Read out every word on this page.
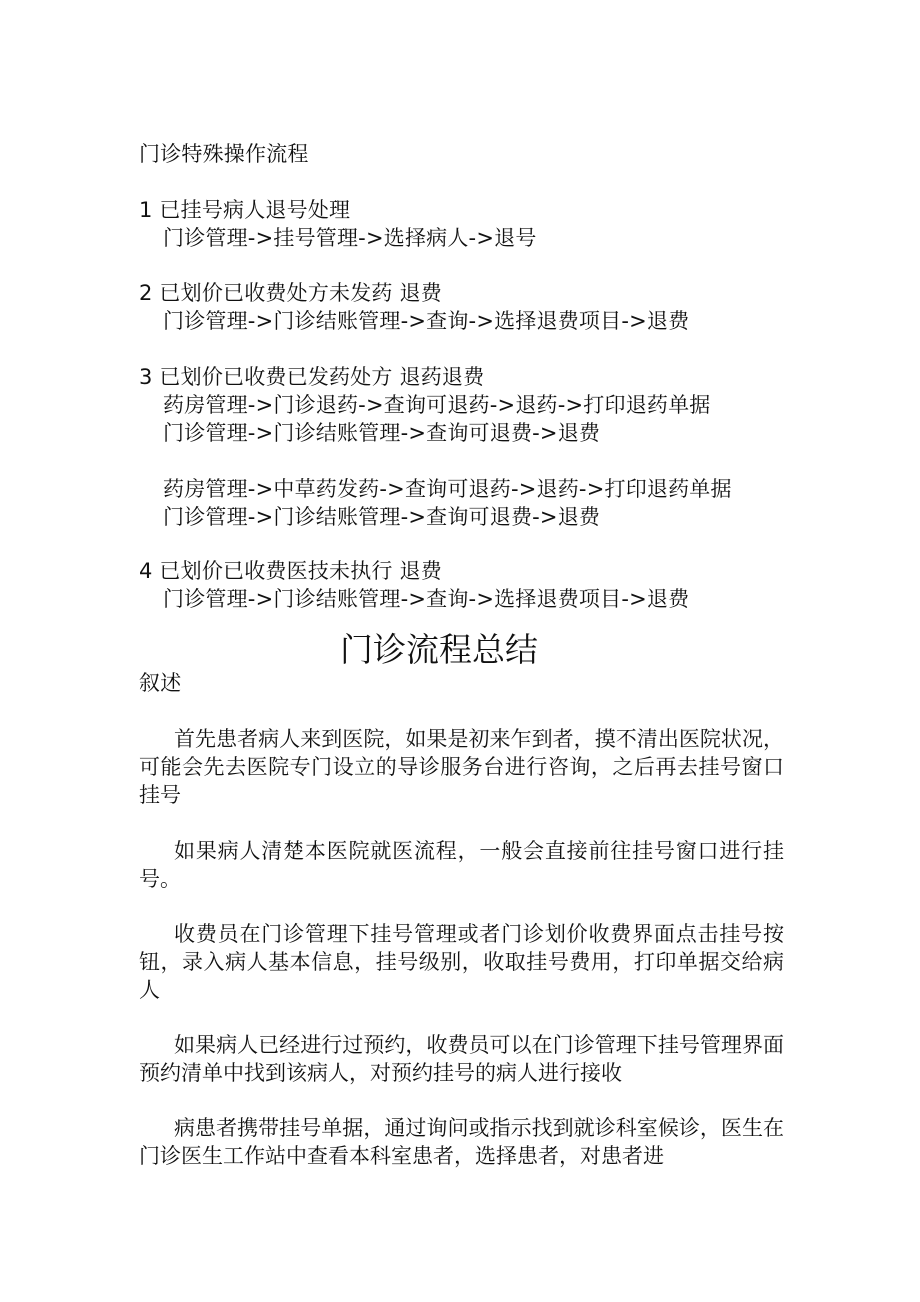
门诊特殊操作流程
1 已挂号病人退号处理
门诊管理->挂号管理->选择病人->退号
2 已划价已收费处方未发药 退费
门诊管理->门诊结账管理->查询->选择退费项目->退费
3 已划价已收费已发药处方 退药退费
药房管理->门诊退药->查询可退药->退药->打印退药单据
门诊管理->门诊结账管理->查询可退费->退费
药房管理->中草药发药->查询可退药->退药->打印退药单据
门诊管理->门诊结账管理->查询可退费->退费
4 已划价已收费医技未执行 退费
门诊管理->门诊结账管理->查询->选择退费项目->退费
门诊流程总结
叙述
首先患者病人来到医院，如果是初来乍到者，摸不清出医院状况，可能会先去医院专门设立的导诊服务台进行咨询，之后再去挂号窗口挂号
如果病人清楚本医院就医流程，一般会直接前往挂号窗口进行挂号。
收费员在门诊管理下挂号管理或者门诊划价收费界面点击挂号按钮，录入病人基本信息，挂号级别，收取挂号费用，打印单据交给病人
如果病人已经进行过预约，收费员可以在门诊管理下挂号管理界面预约清单中找到该病人，对预约挂号的病人进行接收
病患者携带挂号单据，通过询问或指示找到就诊科室候诊，医生在门诊医生工作站中查看本科室患者，选择患者，对患者进
